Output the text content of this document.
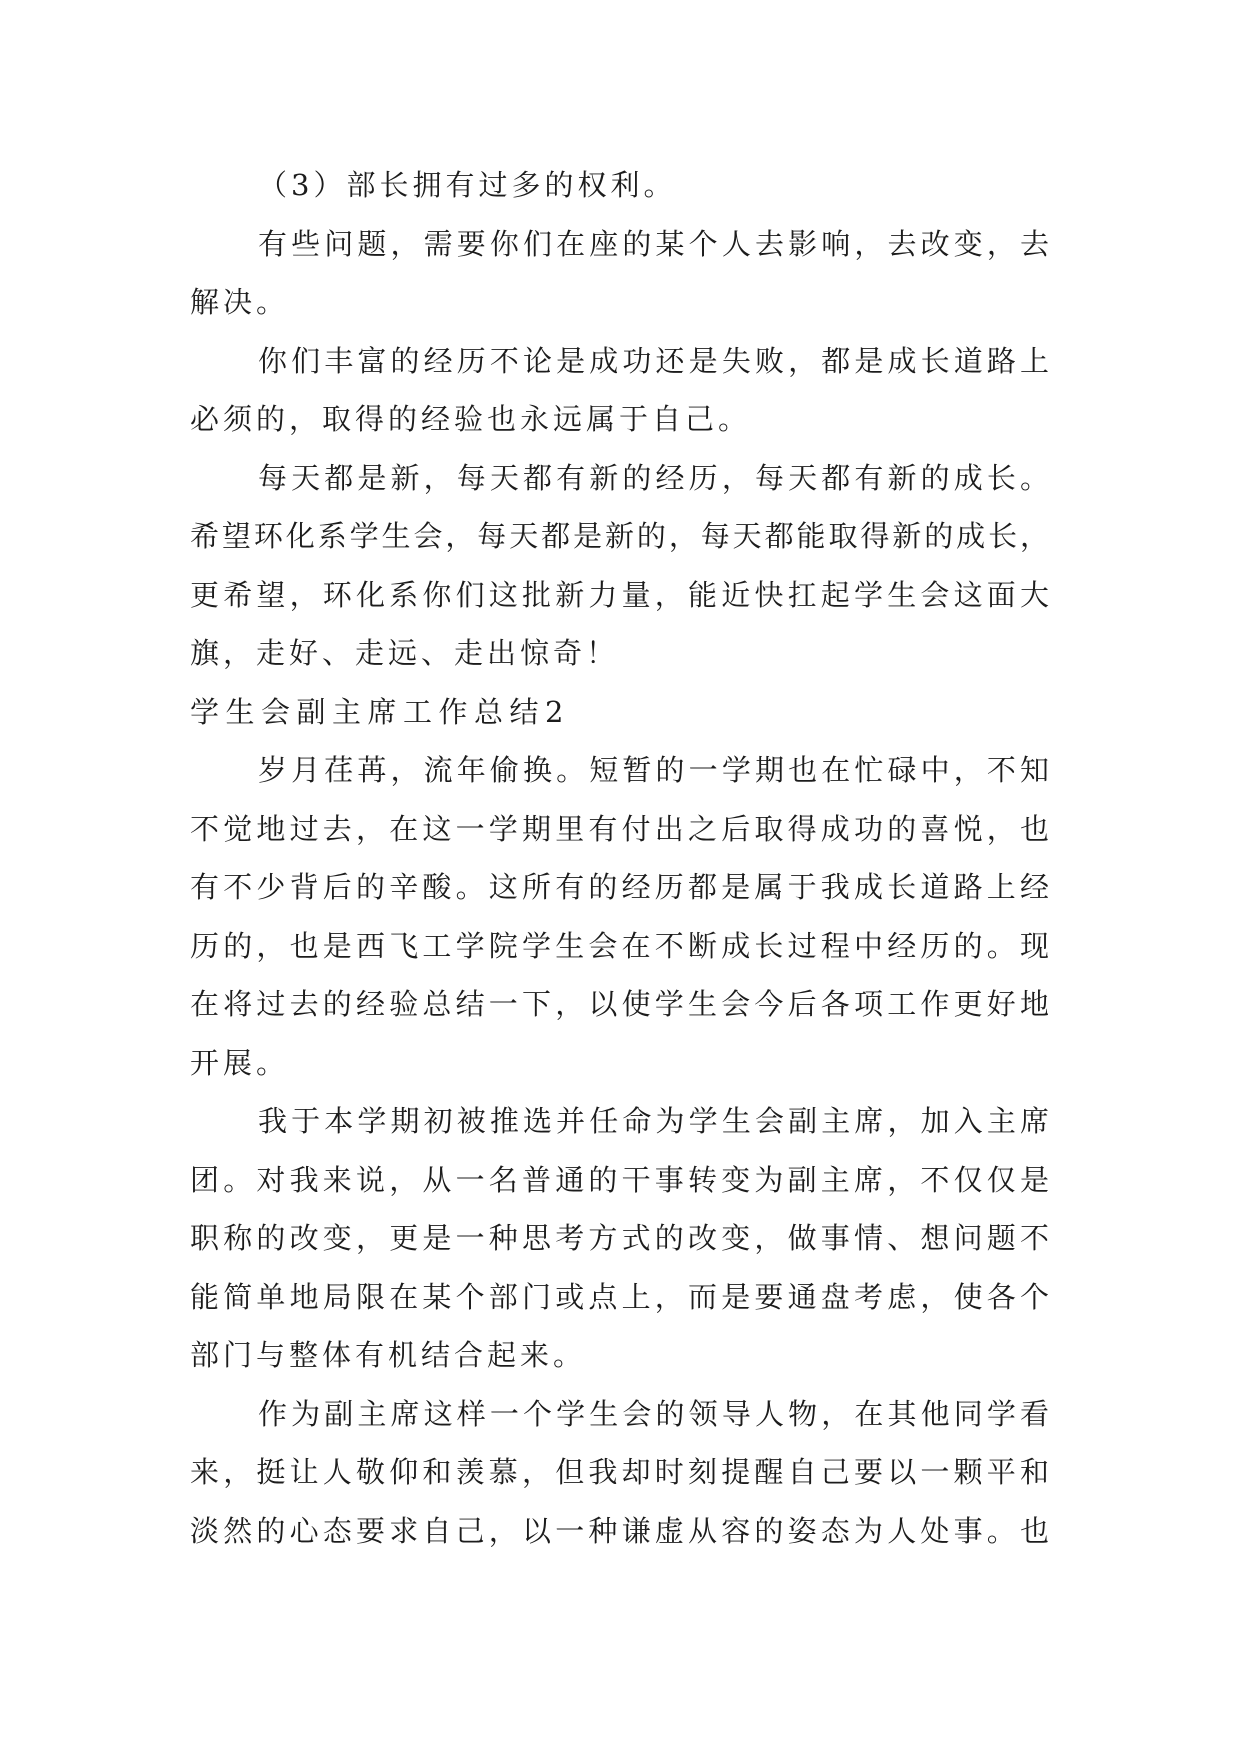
（3）部长拥有过多的权利。
有些问题，需要你们在座的某个人去影响，去改变，去
解决。
你们丰富的经历不论是成功还是失败，都是成长道路上
必须的，取得的经验也永远属于自己。
每天都是新，每天都有新的经历，每天都有新的成长。
希望环化系学生会，每天都是新的，每天都能取得新的成长，
更希望，环化系你们这批新力量，能近快扛起学生会这面大
旗，走好、走远、走出惊奇！
学生会副主席工作总结2
岁月荏苒，流年偷换。短暂的一学期也在忙碌中，不知
不觉地过去，在这一学期里有付出之后取得成功的喜悦，也
有不少背后的辛酸。这所有的经历都是属于我成长道路上经
历的，也是西飞工学院学生会在不断成长过程中经历的。现
在将过去的经验总结一下，以使学生会今后各项工作更好地
开展。
我于本学期初被推选并任命为学生会副主席，加入主席
团。对我来说，从一名普通的干事转变为副主席，不仅仅是
职称的改变，更是一种思考方式的改变，做事情、想问题不
能简单地局限在某个部门或点上，而是要通盘考虑，使各个
部门与整体有机结合起来。
作为副主席这样一个学生会的领导人物，在其他同学看
来，挺让人敬仰和羡慕，但我却时刻提醒自己要以一颗平和
淡然的心态要求自己，以一种谦虚从容的姿态为人处事。也
